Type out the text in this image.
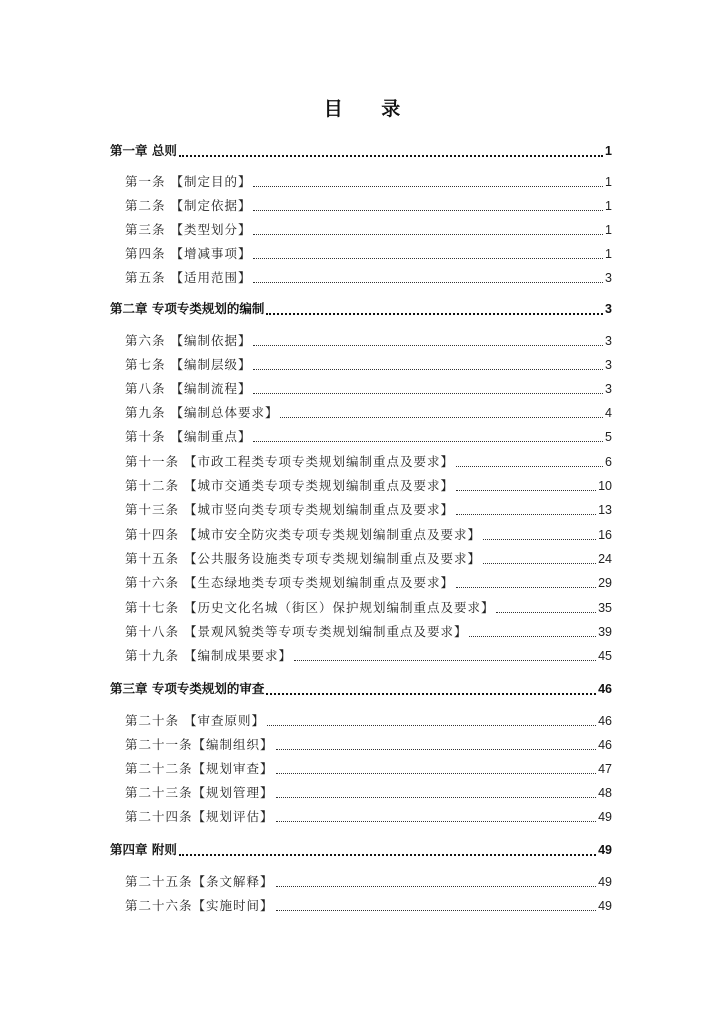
目 录
第一章 总则	1
第一条 【制定目的】	1
第二条 【制定依据】	1
第三条 【类型划分】	1
第四条 【增减事项】	1
第五条 【适用范围】	3
第二章 专项专类规划的编制	3
第六条 【编制依据】	3
第七条 【编制层级】	3
第八条 【编制流程】	3
第九条 【编制总体要求】	4
第十条 【编制重点】	5
第十一条 【市政工程类专项专类规划编制重点及要求】	6
第十二条 【城市交通类专项专类规划编制重点及要求】	10
第十三条 【城市竖向类专项专类规划编制重点及要求】	13
第十四条 【城市安全防灾类专项专类规划编制重点及要求】	16
第十五条 【公共服务设施类专项专类规划编制重点及要求】	24
第十六条 【生态绿地类专项专类规划编制重点及要求】	29
第十七条 【历史文化名城（街区）保护规划编制重点及要求】	35
第十八条 【景观风貌类等专项专类规划编制重点及要求】	39
第十九条 【编制成果要求】	45
第三章 专项专类规划的审查	46
第二十条 【审查原则】	46
第二十一条【编制组织】	46
第二十二条【规划审查】	47
第二十三条【规划管理】	48
第二十四条【规划评估】	49
第四章 附则	49
第二十五条【条文解释】	49
第二十六条【实施时间】	49
